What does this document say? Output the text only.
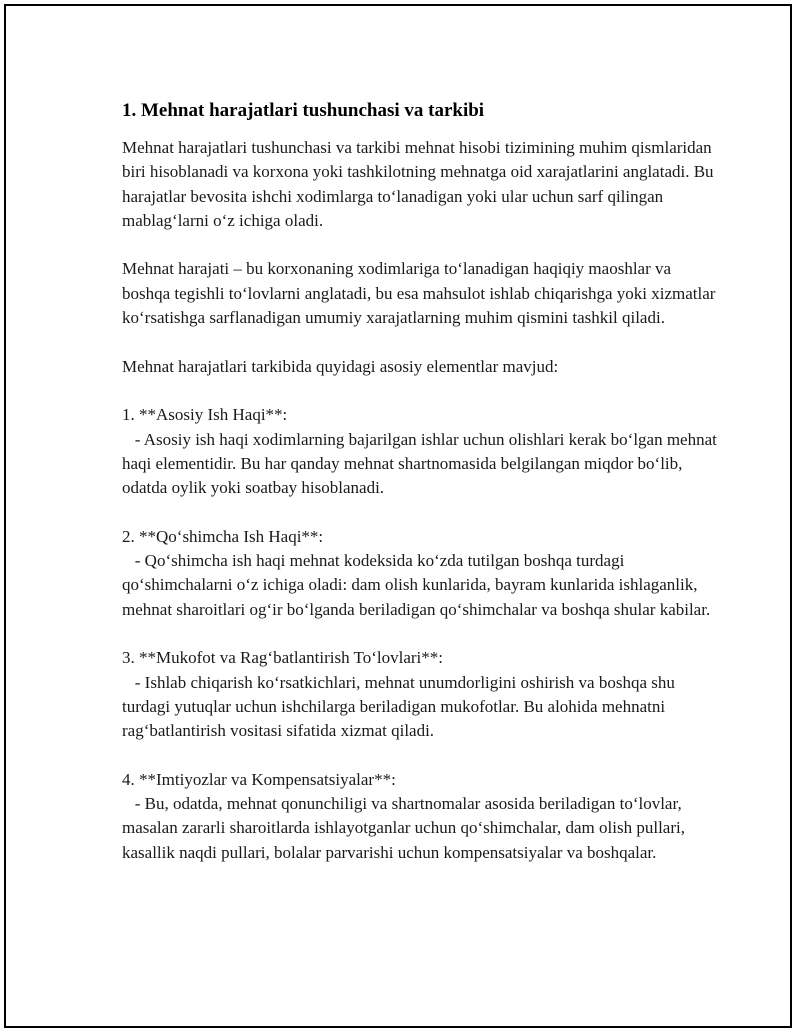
1. Mehnat harajatlari tushunchasi va tarkibi

Mehnat harajatlari tushunchasi va tarkibi mehnat hisobi tizimining muhim qismlaridan biri hisoblanadi va korxona yoki tashkilotning mehnatga oid xarajatlarini anglatadi. Bu harajatlar bevosita ishchi xodimlarga to‘lanadigan yoki ular uchun sarf qilingan mablag‘larni o‘z ichiga oladi.

Mehnat harajati – bu korxonaning xodimlariga to‘lanadigan haqiqiy maoshlar va boshqa tegishli to‘lovlarni anglatadi, bu esa mahsulot ishlab chiqarishga yoki xizmatlar ko‘rsatishga sarflanadigan umumiy xarajatlarning muhim qismini tashkil qiladi.

Mehnat harajatlari tarkibida quyidagi asosiy elementlar mavjud:

1. **Asosiy Ish Haqi**:
- Asosiy ish haqi xodimlarning bajarilgan ishlar uchun olishlari kerak bo‘lgan mehnat haqi elementidir. Bu har qanday mehnat shartnomasida belgilangan miqdor bo‘lib, odatda oylik yoki soatbay hisoblanadi.

2. **Qo‘shimcha Ish Haqi**:
- Qo‘shimcha ish haqi mehnat kodeksida ko‘zda tutilgan boshqa turdagi qo‘shimchalarni o‘z ichiga oladi: dam olish kunlarida, bayram kunlarida ishlaganlik, mehnat sharoitlari og‘ir bo‘lganda beriladigan qo‘shimchalar va boshqa shular kabilar.

3. **Mukofot va Rag‘batlantirish To‘lovlari**:
- Ishlab chiqarish ko‘rsatkichlari, mehnat unumdorligini oshirish va boshqa shu turdagi yutuqlar uchun ishchilarga beriladigan mukofotlar. Bu alohida mehnatni rag‘batlantirish vositasi sifatida xizmat qiladi.

4. **Imtiyozlar va Kompensatsiyalar**:
- Bu, odatda, mehnat qonunchiligi va shartnomalar asosida beriladigan to‘lovlar, masalan zararli sharoitlarda ishlayotganlar uchun qo‘shimchalar, dam olish pullari, kasallik naqdi pullari, bolalar parvarishi uchun kompensatsiyalar va boshqalar.
